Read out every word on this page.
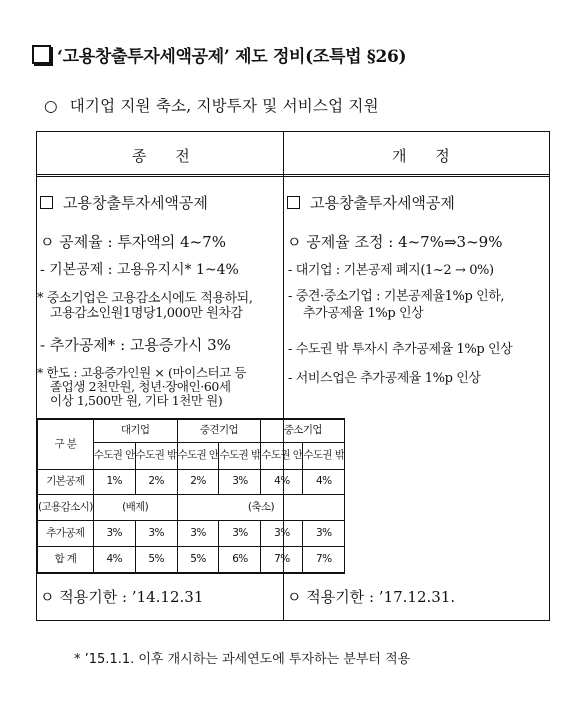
‘고용창출투자세액공제’ 제도 정비(조특법 §26)
○ 대기업 지원 축소, 지방투자 및 서비스업 지원
종 전	개 정
고용창출투자세액공제
ㅇ 공제율 : 투자액의 4~7%
- 기본공제 : 고용유지시* 1~4%
* 중소기업은 고용감소시에도 적용하되,
고용감소인원1명당1,000만 원차감
- 추가공제* : 고용증가시 3%
* 한도 : 고용증가인원 × (마이스터고 등
졸업생 2천만원, 청년·장애인·60세
이상 1,500만 원, 기타 1천만 원)
구 분	대기업		중견기업		중소기업	
	수도권 안	수도권 밖	수도권 안	수도권 밖	수도권 안	수도권 밖
기본공제	1%	2%	2%	3%	4%	4%
(고용감소시)	(배제)		(축소)			
추가공제	3%	3%	3%	3%	3%	3%
합 계	4%	5%	5%	6%	7%	7%
ㅇ 적용기한 : ’14.12.31
고용창출투자세액공제
ㅇ 공제율 조정 : 4~7%⇒3~9%
- 대기업 : 기본공제 폐지(1~2 → 0%)
- 중견·중소기업 : 기본공제율1%p 인하,
추가공제율 1%p 인상
- 수도권 밖 투자시 추가공제율 1%p 인상
- 서비스업은 추가공제율 1%p 인상
ㅇ 적용기한 : ’17.12.31.
* ’15.1.1. 이후 개시하는 과세연도에 투자하는 분부터 적용
